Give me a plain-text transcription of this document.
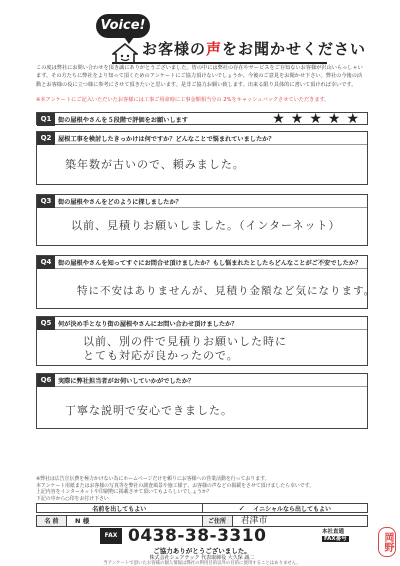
Voice!
お客様の声をお聞かせください
この度は弊社にお問い合わせを頂き誠にありがとうございました。皆の中には弊社の存在やサービスをご存知ないお客様が沢山いらっしゃいます。その方たちに弊社をより知って頂くためのアンケートにご協力頂けないでしょうか。今後のご意見をお聞かせ下さい。弊社の今後の活動とお客様の役に立つ様に参考にさせて頂きたいと思います。是非ご協力お願い致します。出来る限り具体的に書いて頂ければ幸いです。
※本アンケートにご記入いただいたお客様には工事ご用命時に工事金額相当分の 2%をキャッシュバックさせていただきます。
Q1	街の屋根やさんを５段階で評価をお願いします	★ ★ ★ ★ ★
Q2	屋根工事を検討したきっかけは何ですか？どんなことで悩まれていましたか？
築年数が古いので、頼みました。
Q3	街の屋根やさんをどのように探しましたか？
以前、見積りお願いしました。（インターネット）
Q4	街の屋根やさんを知ってすぐにお問合せ頂けましたか？もし悩まれたとしたらどんなことがご不安でしたか？
特に不安はありませんが、見積り金額など気になります。
Q5	何が決め手となり街の屋根やさんにお問い合わせ頂けましたか？
以前、別の件で見積りお願いした時に
とても対応が良かったので。
Q6	実際に弊社担当者がお伺いしていかがでしたか？
丁寧な説明で安心できました。
※弊社は広告宣伝費を極力かけない為にホームページだけを頼りにお客様への営業活動を行っております。
本アンケート用紙またはお客様の写真等を弊社の調査風景や施工様子、お客様の声などの掲載をさせて頂けましたら幸いです。
上記内容をインターネットや印刷物に掲載させて頂いてもよろしいでしょうか？
下記の中から○印をお付け下さい
名前を出してもよい	✓ イニシャルなら出してもよい
名 前	N 様	ご住所	君津市
FAX 0438-38-3310	本社直通
FAX番号
ご協力ありがとうございました。
株式会社シェアテック 代表取締役 大久保 誠二
当アンケートで頂いたお客様の個人情報は弊社の利用目的以外の目的に使用することはありません。
岡野
